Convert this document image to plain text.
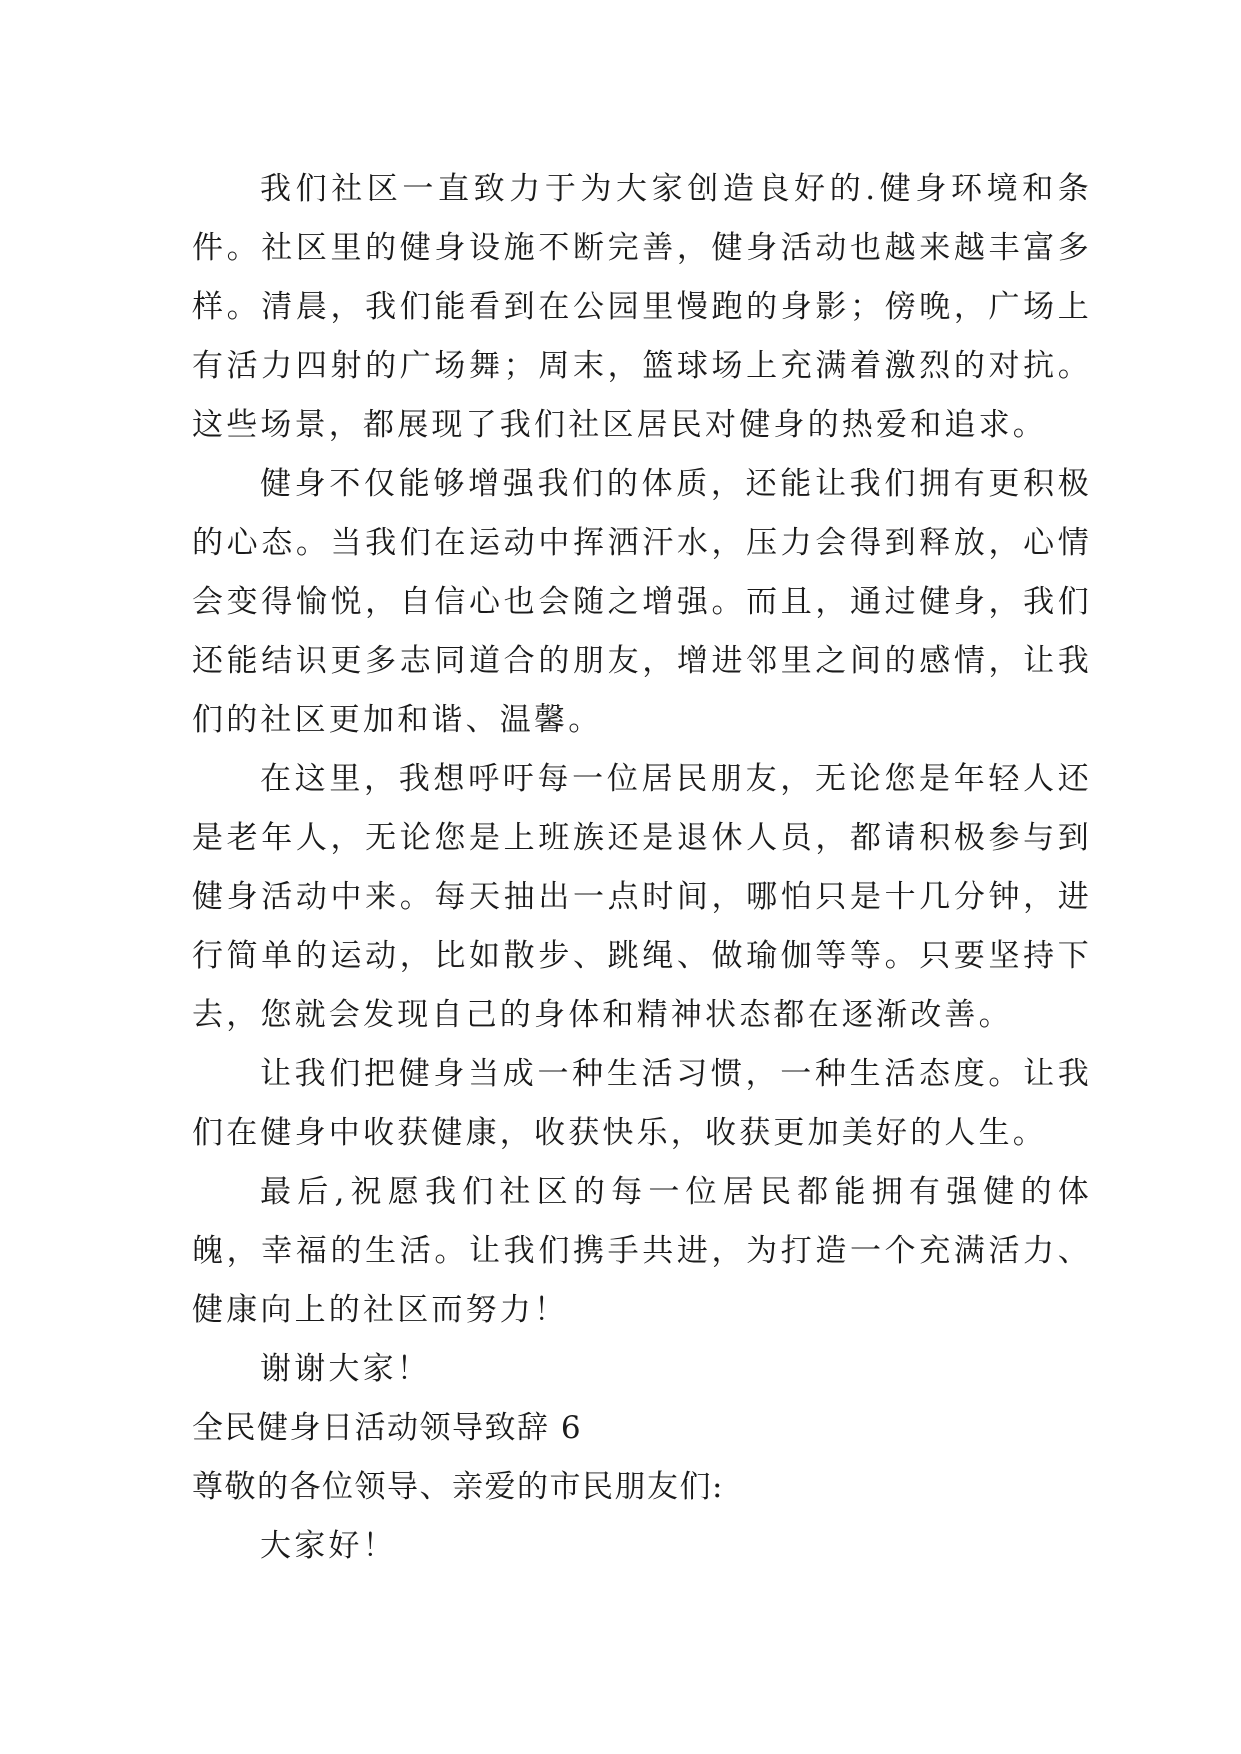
我们社区一直致力于为大家创造良好的.健身环境和条件。社区里的健身设施不断完善，健身活动也越来越丰富多样。清晨，我们能看到在公园里慢跑的身影；傍晚，广场上有活力四射的广场舞；周末，篮球场上充满着激烈的对抗。这些场景，都展现了我们社区居民对健身的热爱和追求。

健身不仅能够增强我们的体质，还能让我们拥有更积极的心态。当我们在运动中挥洒汗水，压力会得到释放，心情会变得愉悦，自信心也会随之增强。而且，通过健身，我们还能结识更多志同道合的朋友，增进邻里之间的感情，让我们的社区更加和谐、温馨。

在这里，我想呼吁每一位居民朋友，无论您是年轻人还是老年人，无论您是上班族还是退休人员，都请积极参与到健身活动中来。每天抽出一点时间，哪怕只是十几分钟，进行简单的运动，比如散步、跳绳、做瑜伽等等。只要坚持下去，您就会发现自己的身体和精神状态都在逐渐改善。

让我们把健身当成一种生活习惯，一种生活态度。让我们在健身中收获健康，收获快乐，收获更加美好的人生。

最后,祝愿我们社区的每一位居民都能拥有强健的体魄，幸福的生活。让我们携手共进，为打造一个充满活力、健康向上的社区而努力！

谢谢大家！

全民健身日活动领导致辞 6

尊敬的各位领导、亲爱的市民朋友们:

大家好！
